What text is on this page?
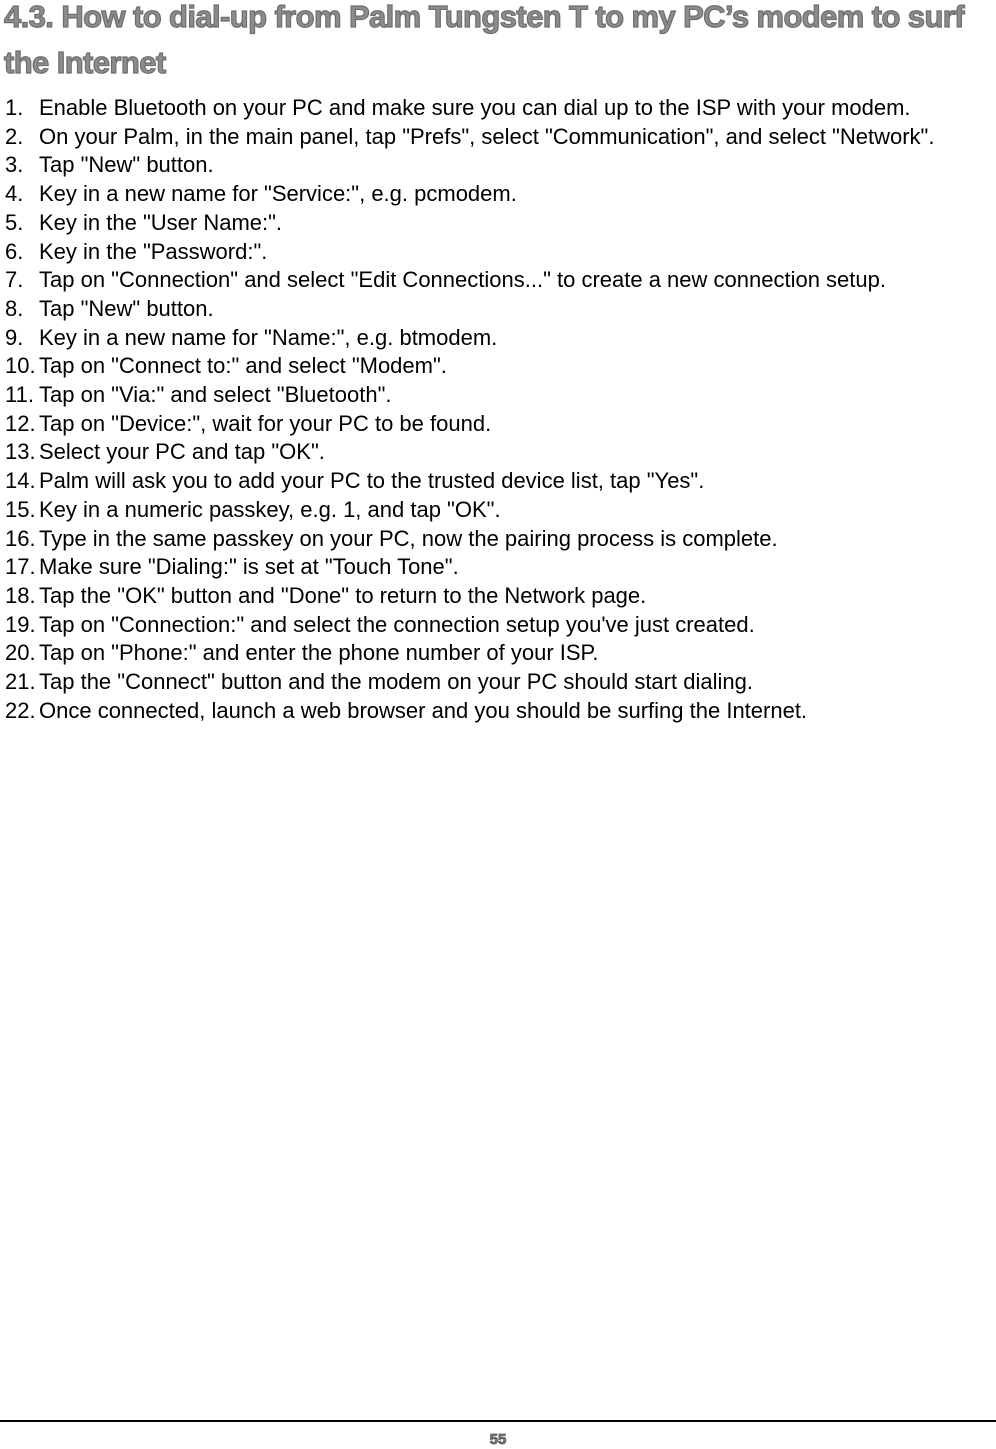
4.3. How to dial-up from Palm Tungsten T to my PC’s modem to surf the Internet
1. Enable Bluetooth on your PC and make sure you can dial up to the ISP with your modem.
2. On your Palm, in the main panel, tap "Prefs", select "Communication", and select "Network".
3. Tap "New" button.
4. Key in a new name for "Service:", e.g. pcmodem.
5. Key in the "User Name:".
6. Key in the "Password:".
7. Tap on "Connection" and select "Edit Connections..." to create a new connection setup.
8. Tap "New" button.
9. Key in a new name for "Name:", e.g. btmodem.
10. Tap on "Connect to:" and select "Modem".
11. Tap on "Via:" and select "Bluetooth".
12. Tap on "Device:", wait for your PC to be found.
13. Select your PC and tap "OK".
14. Palm will ask you to add your PC to the trusted device list, tap "Yes".
15. Key in a numeric passkey, e.g. 1, and tap "OK".
16. Type in the same passkey on your PC, now the pairing process is complete.
17. Make sure "Dialing:" is set at "Touch Tone".
18. Tap the "OK" button and "Done" to return to the Network page.
19. Tap on "Connection:" and select the connection setup you've just created.
20. Tap on "Phone:" and enter the phone number of your ISP.
21. Tap the "Connect" button and the modem on your PC should start dialing.
22. Once connected, launch a web browser and you should be surfing the Internet.
55
